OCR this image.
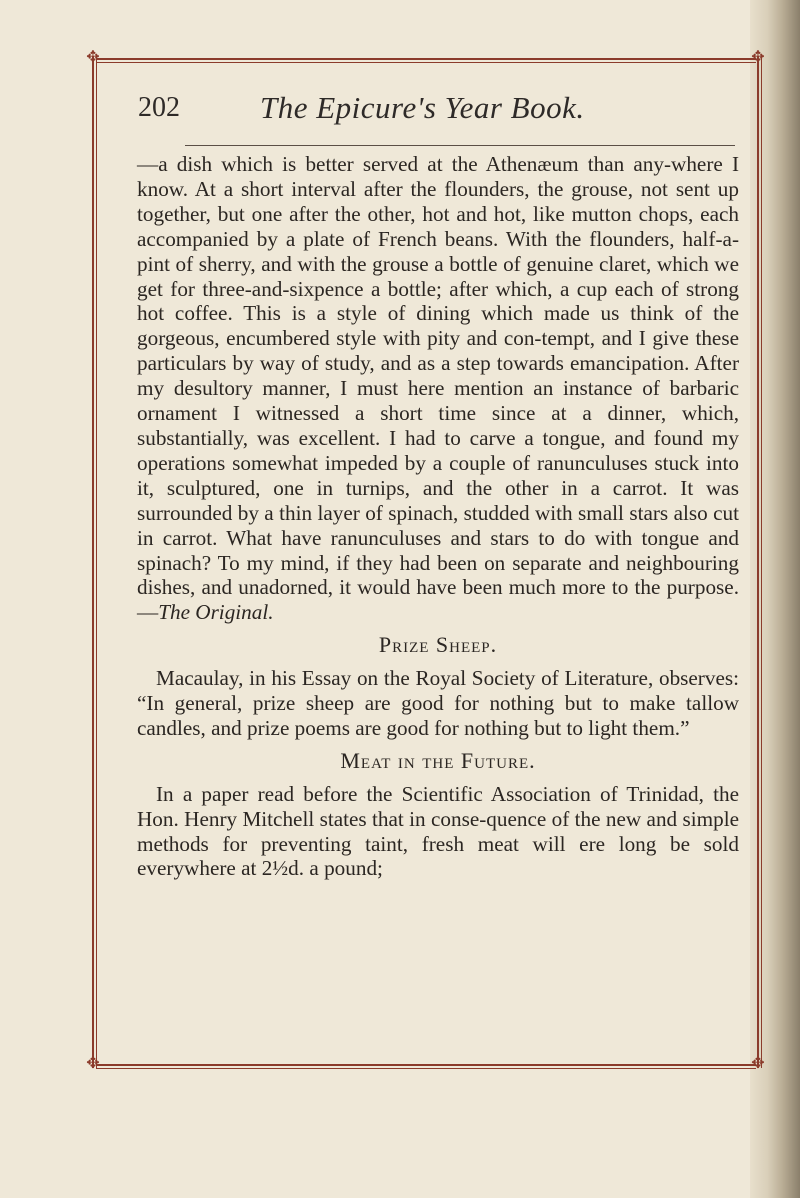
✥	✥
✥	✥
202	The Epicure's Year Book.

—a dish which is better served at the Athenæum than any-where I know. At a short interval after the flounders, the grouse, not sent up together, but one after the other, hot and hot, like mutton chops, each accompanied by a plate of French beans. With the flounders, half-a-pint of sherry, and with the grouse a bottle of genuine claret, which we get for three-and-sixpence a bottle; after which, a cup each of strong hot coffee. This is a style of dining which made us think of the gorgeous, encumbered style with pity and con-tempt, and I give these particulars by way of study, and as a step towards emancipation. After my desultory manner, I must here mention an instance of barbaric ornament I witnessed a short time since at a dinner, which, substantially, was excellent. I had to carve a tongue, and found my operations somewhat impeded by a couple of ranunculuses stuck into it, sculptured, one in turnips, and the other in a carrot. It was surrounded by a thin layer of spinach, studded with small stars also cut in carrot. What have ranunculuses and stars to do with tongue and spinach? To my mind, if they had been on separate and neighbouring dishes, and unadorned, it would have been much more to the purpose.—The Original.

Prize Sheep.

Macaulay, in his Essay on the Royal Society of Literature, observes: “In general, prize sheep are good for nothing but to make tallow candles, and prize poems are good for nothing but to light them.”

Meat in the Future.

In a paper read before the Scientific Association of Trinidad, the Hon. Henry Mitchell states that in conse-quence of the new and simple methods for preventing taint, fresh meat will ere long be sold everywhere at 2½d. a pound;
